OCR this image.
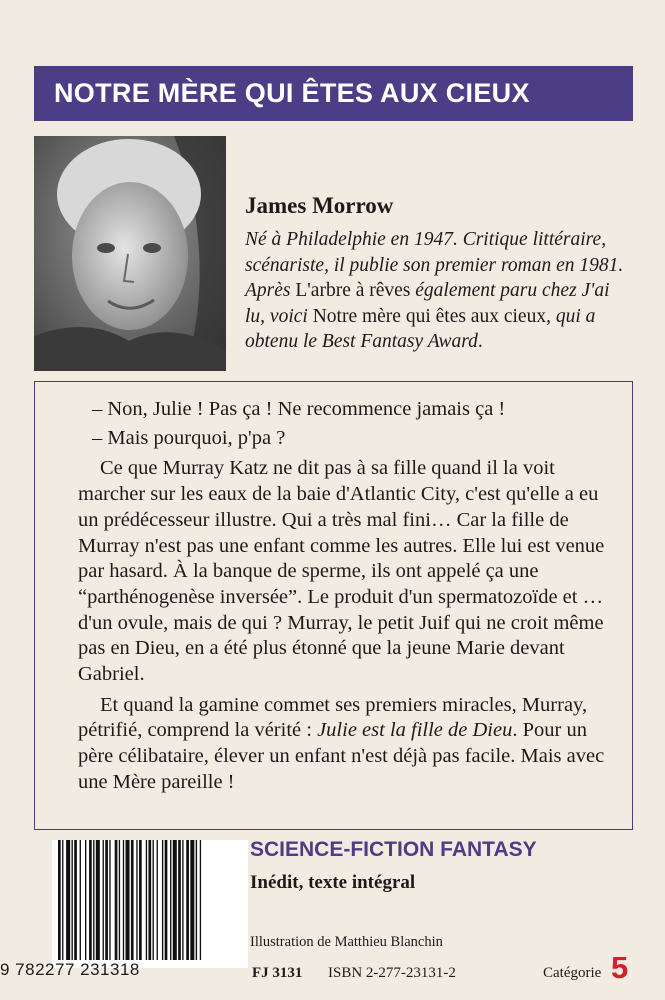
NOTRE MÈRE QUI ÊTES AUX CIEUX
James Morrow
Né à Philadelphie en 1947. Critique littéraire, scénariste, il publie son premier roman en 1981. Après L'arbre à rêves également paru chez J'ai lu, voici Notre mère qui êtes aux cieux, qui a obtenu le Best Fantasy Award.

– Non, Julie ! Pas ça ! Ne recommence jamais ça !

– Mais pourquoi, p'pa ?

Ce que Murray Katz ne dit pas à sa fille quand il la voit marcher sur les eaux de la baie d'Atlantic City, c'est qu'elle a eu un prédécesseur illustre. Qui a très mal fini… Car la fille de Murray n'est pas une enfant comme les autres. Elle lui est venue par hasard. À la banque de sperme, ils ont appelé ça une “parthénogenèse inversée”. Le produit d'un spermatozoïde et … d'un ovule, mais de qui ? Murray, le petit Juif qui ne croit même pas en Dieu, en a été plus étonné que la jeune Marie devant Gabriel.

Et quand la gamine commet ses premiers miracles, Murray, pétrifié, comprend la vérité : Julie est la fille de Dieu. Pour un père célibataire, élever un enfant n'est déjà pas facile. Mais avec une Mère pareille !

9 782277 231318
SCIENCE-FICTION FANTASY
Inédit, texte intégral
Illustration de Matthieu Blanchin
FJ 3131 ISBN 2-277-23131-2	Catégorie 5
